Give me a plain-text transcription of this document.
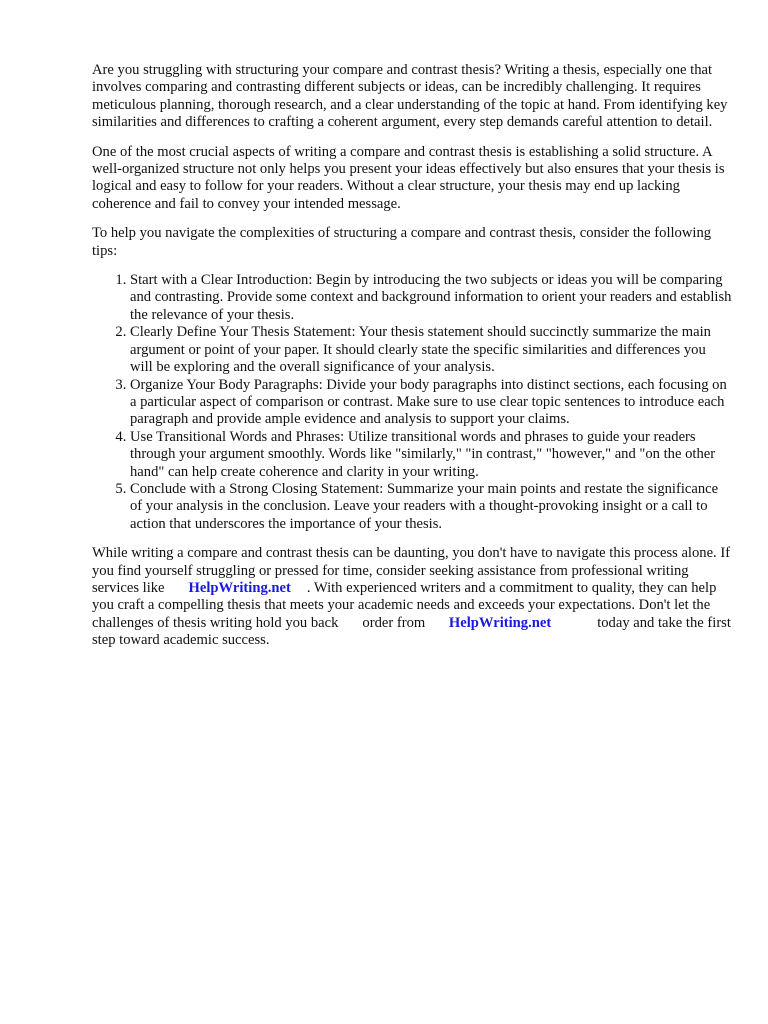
Are you struggling with structuring your compare and contrast thesis? Writing a thesis, especially one that involves comparing and contrasting different subjects or ideas, can be incredibly challenging. It requires meticulous planning, thorough research, and a clear understanding of the topic at hand. From identifying key similarities and differences to crafting a coherent argument, every step demands careful attention to detail.

One of the most crucial aspects of writing a compare and contrast thesis is establishing a solid structure. A well-organized structure not only helps you present your ideas effectively but also ensures that your thesis is logical and easy to follow for your readers. Without a clear structure, your thesis may end up lacking coherence and fail to convey your intended message.

To help you navigate the complexities of structuring a compare and contrast thesis, consider the following tips:

1. Start with a Clear Introduction: Begin by introducing the two subjects or ideas you will be comparing and contrasting. Provide some context and background information to orient your readers and establish the relevance of your thesis.
2. Clearly Define Your Thesis Statement: Your thesis statement should succinctly summarize the main argument or point of your paper. It should clearly state the specific similarities and differences you will be exploring and the overall significance of your analysis.
3. Organize Your Body Paragraphs: Divide your body paragraphs into distinct sections, each focusing on a particular aspect of comparison or contrast. Make sure to use clear topic sentences to introduce each paragraph and provide ample evidence and analysis to support your claims.
4. Use Transitional Words and Phrases: Utilize transitional words and phrases to guide your readers through your argument smoothly. Words like "similarly," "in contrast," "however," and "on the other hand" can help create coherence and clarity in your writing.
5. Conclude with a Strong Closing Statement: Summarize your main points and restate the significance of your analysis in the conclusion. Leave your readers with a thought-provoking insight or a call to action that underscores the importance of your thesis.

While writing a compare and contrast thesis can be daunting, you don't have to navigate this process alone. If you find yourself struggling or pressed for time, consider seeking assistance from professional writing services like HelpWriting.net . With experienced writers and a commitment to quality, they can help you craft a compelling thesis that meets your academic needs and exceeds your expectations. Don't let the challenges of thesis writing hold you back order from HelpWriting.net	today and take the first step toward academic success.
